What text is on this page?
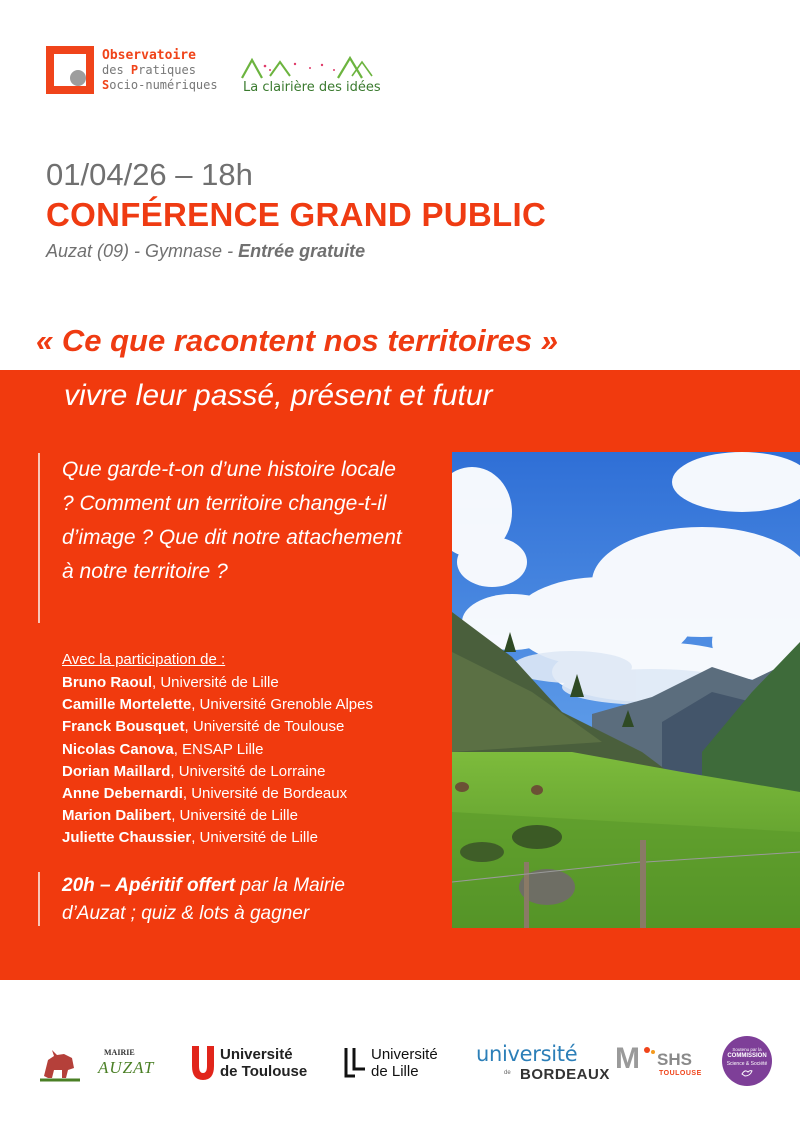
Observatoire
des Pratiques
Socio-numériques La clairière des idées
01/04/26 – 18h
CONFÉRENCE GRAND PUBLIC
Auzat (09) - Gymnase - Entrée gratuite
« Ce que racontent nos territoires »
vivre leur passé, présent et futur
Que garde-t-on d’une histoire locale ? Comment un territoire change-t-il d’image ? Que dit notre attachement à notre territoire ?
Avec la participation de :
Bruno Raoul, Université de Lille
Camille Mortelette, Université Grenoble Alpes
Franck Bousquet, Université de Toulouse
Nicolas Canova, ENSAP Lille
Dorian Maillard, Université de Lorraine
Anne Debernardi, Université de Bordeaux
Marion Dalibert, Université de Lille
Juliette Chaussier, Université de Lille
20h – Apéritif offert par la Mairie d’Auzat ; quiz & lots à gagner
MAIRIE
AUZAT
Université
de Toulouse
Université
de Lille
université
de BORDEAUX M SHS
TOULOUSE
Soutenu par la
COMMISSION
Science & Société
